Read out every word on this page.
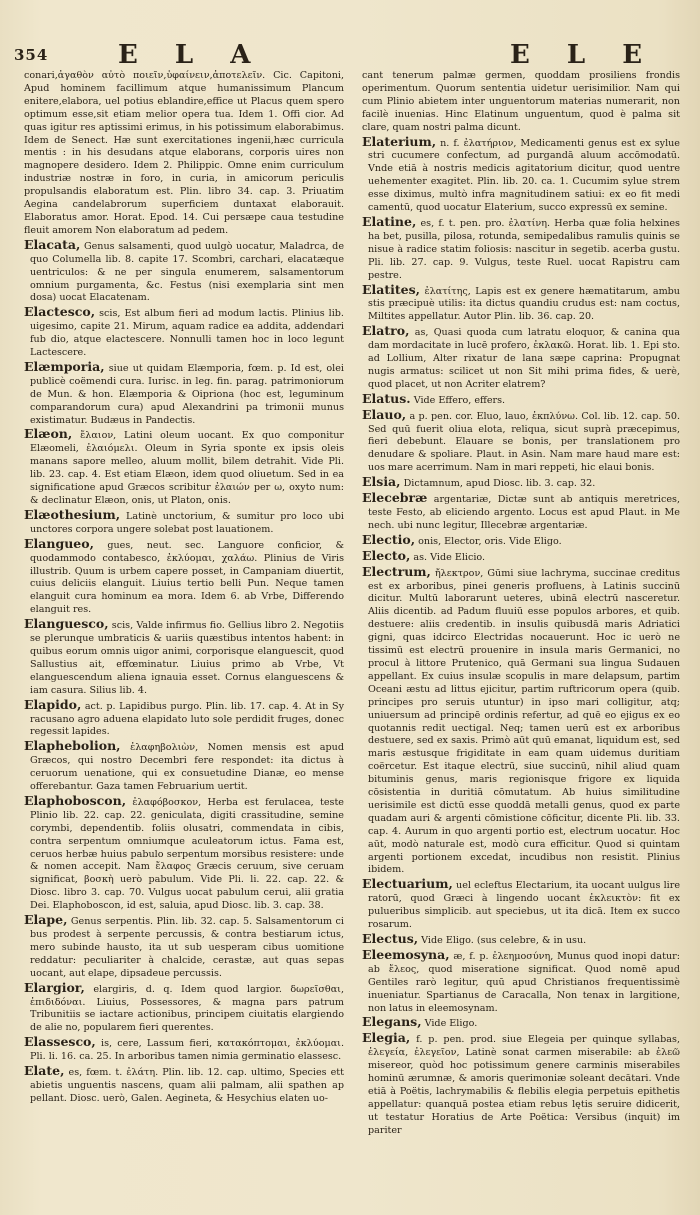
354	E L A	E L E

conari,ἀγαθὸν αὐτὸ ποιεῖν,ὑφαίνειν,ἀποτελεῖν. Cic. Capitoni, Apud hominem facillimum atque humanissimum Plancum enitere,elabora, uel potius eblandire,effice ut Placus quem spero optimum esse,sit etiam melior opera tua. Idem 1. Offi cior. Ad quas igitur res aptissimi erimus, in his potissimum elaborabimus. Idem de Senect. Hæ sunt exercitationes ingenii,hæc curricula mentis : in his desudans atque elaborans, corporis uires non magnopere desidero. Idem 2. Philippic. Omne enim curriculum industriæ nostræ in foro, in curia, in amicorum periculis propulsandis elaboratum est. Plin. libro 34. cap. 3. Priuatim Aegina candelabrorum superficiem duntaxat elaborauit. Elaboratus amor. Horat. Epod. 14. Cui persæpe caua testudine fleuit amorem Non elaboratum ad pedem.

Elacata, Genus salsamenti, quod uulgò uocatur, Maladrca, de quo Columella lib. 8. capite 17. Scombri, carchari, elacatæque uentriculos: & ne per singula enumerem, salsamentorum omnium purgamenta, &c. Festus (nisi exemplaria sint men dosa) uocat Elacatenam.

Elactesco, scis, Est album fieri ad modum lactis. Plinius lib. uigesimo, capite 21. Mirum, aquam radice ea addita, addendari fub dio, atque elactescere. Nonnulli tamen hoc in loco legunt Lactescere.

Elæmporia, siue ut quidam Elæmporia, fœm. p. Id est, olei publicè coëmendi cura. Iurisc. in leg. fin. parag. patrimoniorum de Mun. & hon. Elæmporia & Oipriona (hoc est, leguminum comparandorum cura) apud Alexandrini pa trimonii munus existimatur. Budæus in Pandectis.

Elæon, ἔλαιον, Latini oleum uocant. Ex quo componitur Elæomeli, ἐλαιόμελι. Oleum in Syria sponte ex ipsis oleis manans sapore melleo, aluum mollit, bilem detrahit. Vide Pli. lib. 23. cap. 4. Est etiam Elæon, idem quod oliuetum. Sed in ea significatione apud Græcos scribitur ἐλαιών per ω, oxyto num: & declinatur Elæon, onis, ut Platon, onis.

Elæothesium, Latinè unctorium, & sumitur pro loco ubi unctores corpora ungere solebat post lauationem.

Elangueo, gues, neut. sec. Languore conficior, & quodammodo contabesco, ἐκλύομαι, χαλάω. Plinius de Viris illustrib. Quum is urbem capere posset, in Campaniam diuertit, cuius deliciis elanguit. Liuius tertio belli Pun. Neque tamen elanguit cura hominum ea mora. Idem 6. ab Vrbe, Differendo elanguit res.

Elanguesco, scis, Valde infirmus fio. Gellius libro 2. Negotiis se plerunque umbraticis & uariis quæstibus intentos habent: in quibus eorum omnis uigor animi, corporisque elanguescit, quod Sallustius ait, effœminatur. Liuius primo ab Vrbe, Vt elanguescendum aliena ignauia esset. Cornus elanguescens & iam casura. Silius lib. 4.

Elapido, act. p. Lapidibus purgo. Plin. lib. 17. cap. 4. At in Sy racusano agro aduena elapidato luto sole perdidit fruges, donec regessit lapides.

Elaphebolion, ἐλαφηβολιὼν, Nomen mensis est apud Græcos, qui nostro Decembri fere respondet: ita dictus à ceruorum uenatione, qui ex consuetudine Dianæ, eo mense offerebantur. Gaza tamen Februarium uertit.

Elaphoboscon, ἐλαφόβοσκον, Herba est ferulacea, teste Plinio lib. 22. cap. 22. geniculata, digiti crassitudine, semine corymbi, dependentib. foliis olusatri, commendata in cibis, contra serpentum omniumque aculeatorum ictus. Fama est, ceruos herbæ huius pabulo serpentum morsibus resistere: unde & nomen accepit. Nam ἔλαφος Græcis ceruum, sive ceruam significat, βοσκὴ uerò pabulum. Vide Pli. li. 22. cap. 22. & Diosc. libro 3. cap. 70. Vulgus uocat pabulum cerui, alii gratia Dei. Elaphoboscon, id est, saluia, apud Diosc. lib. 3. cap. 38.

Elape, Genus serpentis. Plin. lib. 32. cap. 5. Salsamentorum ci bus prodest à serpente percussis, & contra bestiarum ictus, mero subinde hausto, ita ut sub uesperam cibus uomitione reddatur: peculiariter à chalcide, cerastæ, aut quas sepas uocant, aut elape, dipsadeue percussis.

Elargior, elargiris, d. q. Idem quod largior. δωρεῖσθαι, ἐπιδιδόναι. Liuius, Possessores, & magna pars patrum Tribunitiis se iactare actionibus, principem ciuitatis elargiendo de alie no, popularem fieri querentes.

Elassesco, is, cere, Lassum fieri, κατακόπτομαι, ἐκλύομαι. Pli. li. 16. ca. 25. In arboribus tamen nimia germinatio elassesc.

Elate, es, fœm. t. ἐλάτη. Plin. lib. 12. cap. ultimo, Species ett abietis unguentis nascens, quam alii palmam, alii spathen ap pellant. Diosc. uerò, Galen. Aegineta, & Hesychius elaten uo-

cant tenerum palmæ germen, quoddam prosiliens frondis operimentum. Quorum sententia uidetur uerisimilior. Nam qui cum Plinio abietem inter unguentorum materias numerarit, non facilè inuenias. Hinc Elatinum unguentum, quod è palma sit clare, quam nostri palma dicunt.

Elaterium, n. f. ἐλατήριον, Medicamenti genus est ex sylue stri cucumere confectum, ad purgandā aluum accōmodatū. Vnde etiā à nostris medicis agitatorium dicitur, quod uentre uehementer exagitet. Plin. lib. 20. ca. 1. Cucumim sylue strem esse diximus, multò infra magnitudinem satiui: ex eo fit medi camentū, quod uocatur Elaterium, succo expressū ex semine.

Elatine, es, f. t. pen. pro. ἐλατίνη. Herba quæ folia helxines ha bet, pusilla, pilosa, rotunda, semipedalibus ramulis quinis se nisue à radice statim foliosis: nascitur in segetib. acerba gustu. Pli. lib. 27. cap. 9. Vulgus, teste Ruel. uocat Rapistru cam pestre.

Elatites, ἐλατίτης, Lapis est ex genere hæmatitarum, ambu stis præcipuè utilis: ita dictus quandiu crudus est: nam coctus, Miltites appellatur. Autor Plin. lib. 36. cap. 20.

Elatro, as, Quasi quoda cum latratu eloquor, & canina qua dam mordacitate in lucē profero, ἐκλακῶ. Horat. lib. 1. Epi sto. ad Lollium, Alter rixatur de lana sæpe caprina: Propugnat nugis armatus: scilicet ut non Sit mihi prima fides, & uerè, quod placet, ut non Acriter elatrem?

Elatus. Vide Effero, effers.

Elauo, a p. pen. cor. Eluo, lauo, ἐκπλύνω. Col. lib. 12. cap. 50. Sed quū fuerit oliua elota, reliqua, sicut suprà præcepimus, fieri debebunt. Elauare se bonis, per translationem pro denudare & spoliare. Plaut. in Asin. Nam mare haud mare est: uos mare acerrimum. Nam in mari reppeti, hic elaui bonis.

Elsia, Dictamnum, apud Diosc. lib. 3. cap. 32.

Elecebræ argentariæ, Dictæ sunt ab antiquis meretrices, teste Festo, ab eliciendo argento. Locus est apud Plaut. in Me nech. ubi nunc legitur, Illecebræ argentariæ.

Electio, onis, Elector, oris. Vide Eligo.

Electo, as. Vide Elicio.

Electrum, ἤλεκτρον, Gūmi siue lachryma, succinae creditus est ex arboribus, pinei generis profluens, à Latinis succinū dicitur. Multū laborarunt ueteres, ubinā electrū nasceretur. Aliis dicentib. ad Padum fluuiū esse populos arbores, et quib. destuere: aliis credentib. in insulis quibusdā maris Adriatici gigni, quas idcirco Electridas nocauerunt. Hoc ic uerò ne tissimū est electrū prouenire in insula maris Germanici, no procul à littore Prutenico, quā Germani sua lingua Sudauen appellant. Ex cuius insulæ scopulis in mare delapsum, partim Oceani æstu ad littus ejicitur, partim ruftricorum opera (quib. principes pro seruis utuntur) in ipso mari colligitur, atq; uniuersum ad principē ordinis refertur, ad quē eo ejigus ex eo quotannis redit uectigal. Neq; tamen uerū est ex arboribus destuere, sed ex saxis. Primò aūt quū emanat, liquidum est, sed maris æstusque frigiditate in eam quam uidemus duritiam coërcetur. Est itaque electrū, siue succinū, nihil aliud quam bituminis genus, maris regionisque frigore ex liquida cōsistentia in duritiā cōmutatum. Ab huius similitudine uerisimile est dictū esse quoddā metalli genus, quod ex parte quadam auri & argenti cōmistione cōficitur, dicente Pli. lib. 33. cap. 4. Aurum in quo argenti portio est, electrum uocatur. Hoc aūt, modò naturale est, modò cura efficitur. Quod si quintam argenti portionem excedat, incudibus non resistit. Plinius ibidem.

Electuarium, uel ecleftus Electarium, ita uocant uulgus lire ratorū, quod Græci à lingendo uocant ἐκλεικτὸν: fit ex pulueribus simplicib. aut speciebus, ut ita dicā. Item ex succo rosarum.

Electus, Vide Eligo. (sus celebre, & in usu.

Eleemosyna, æ, f. p. ἐλεημοσύνη, Munus quod inopi datur: ab ἔλεος, quod miseratione significat. Quod nomē apud Gentiles rarò legitur, quū apud Christianos frequentissimè inueniatur. Spartianus de Caracalla, Non tenax in largitione, non latus in eleemosynam.

Elegans, Vide Eligo.

Elegia, f. p. pen. prod. siue Elegeia per quinque syllabas, ἐλεγεία, ἐλεγεῖον, Latinè sonat carmen miserabile: ab ἐλεῶ misereor, quòd hoc potissimum genere carminis miserabiles hominū ærumnæ, & amoris querimoniæ soleant decātari. Vnde etiā à Poëtis, lachrymabilis & flebilis elegia perpetuis epithetis appellatur: quanquā postea etiam rebus lętis seruire didicerit, ut testatur Horatius de Arte Poëtica: Versibus (inquit) im pariter
